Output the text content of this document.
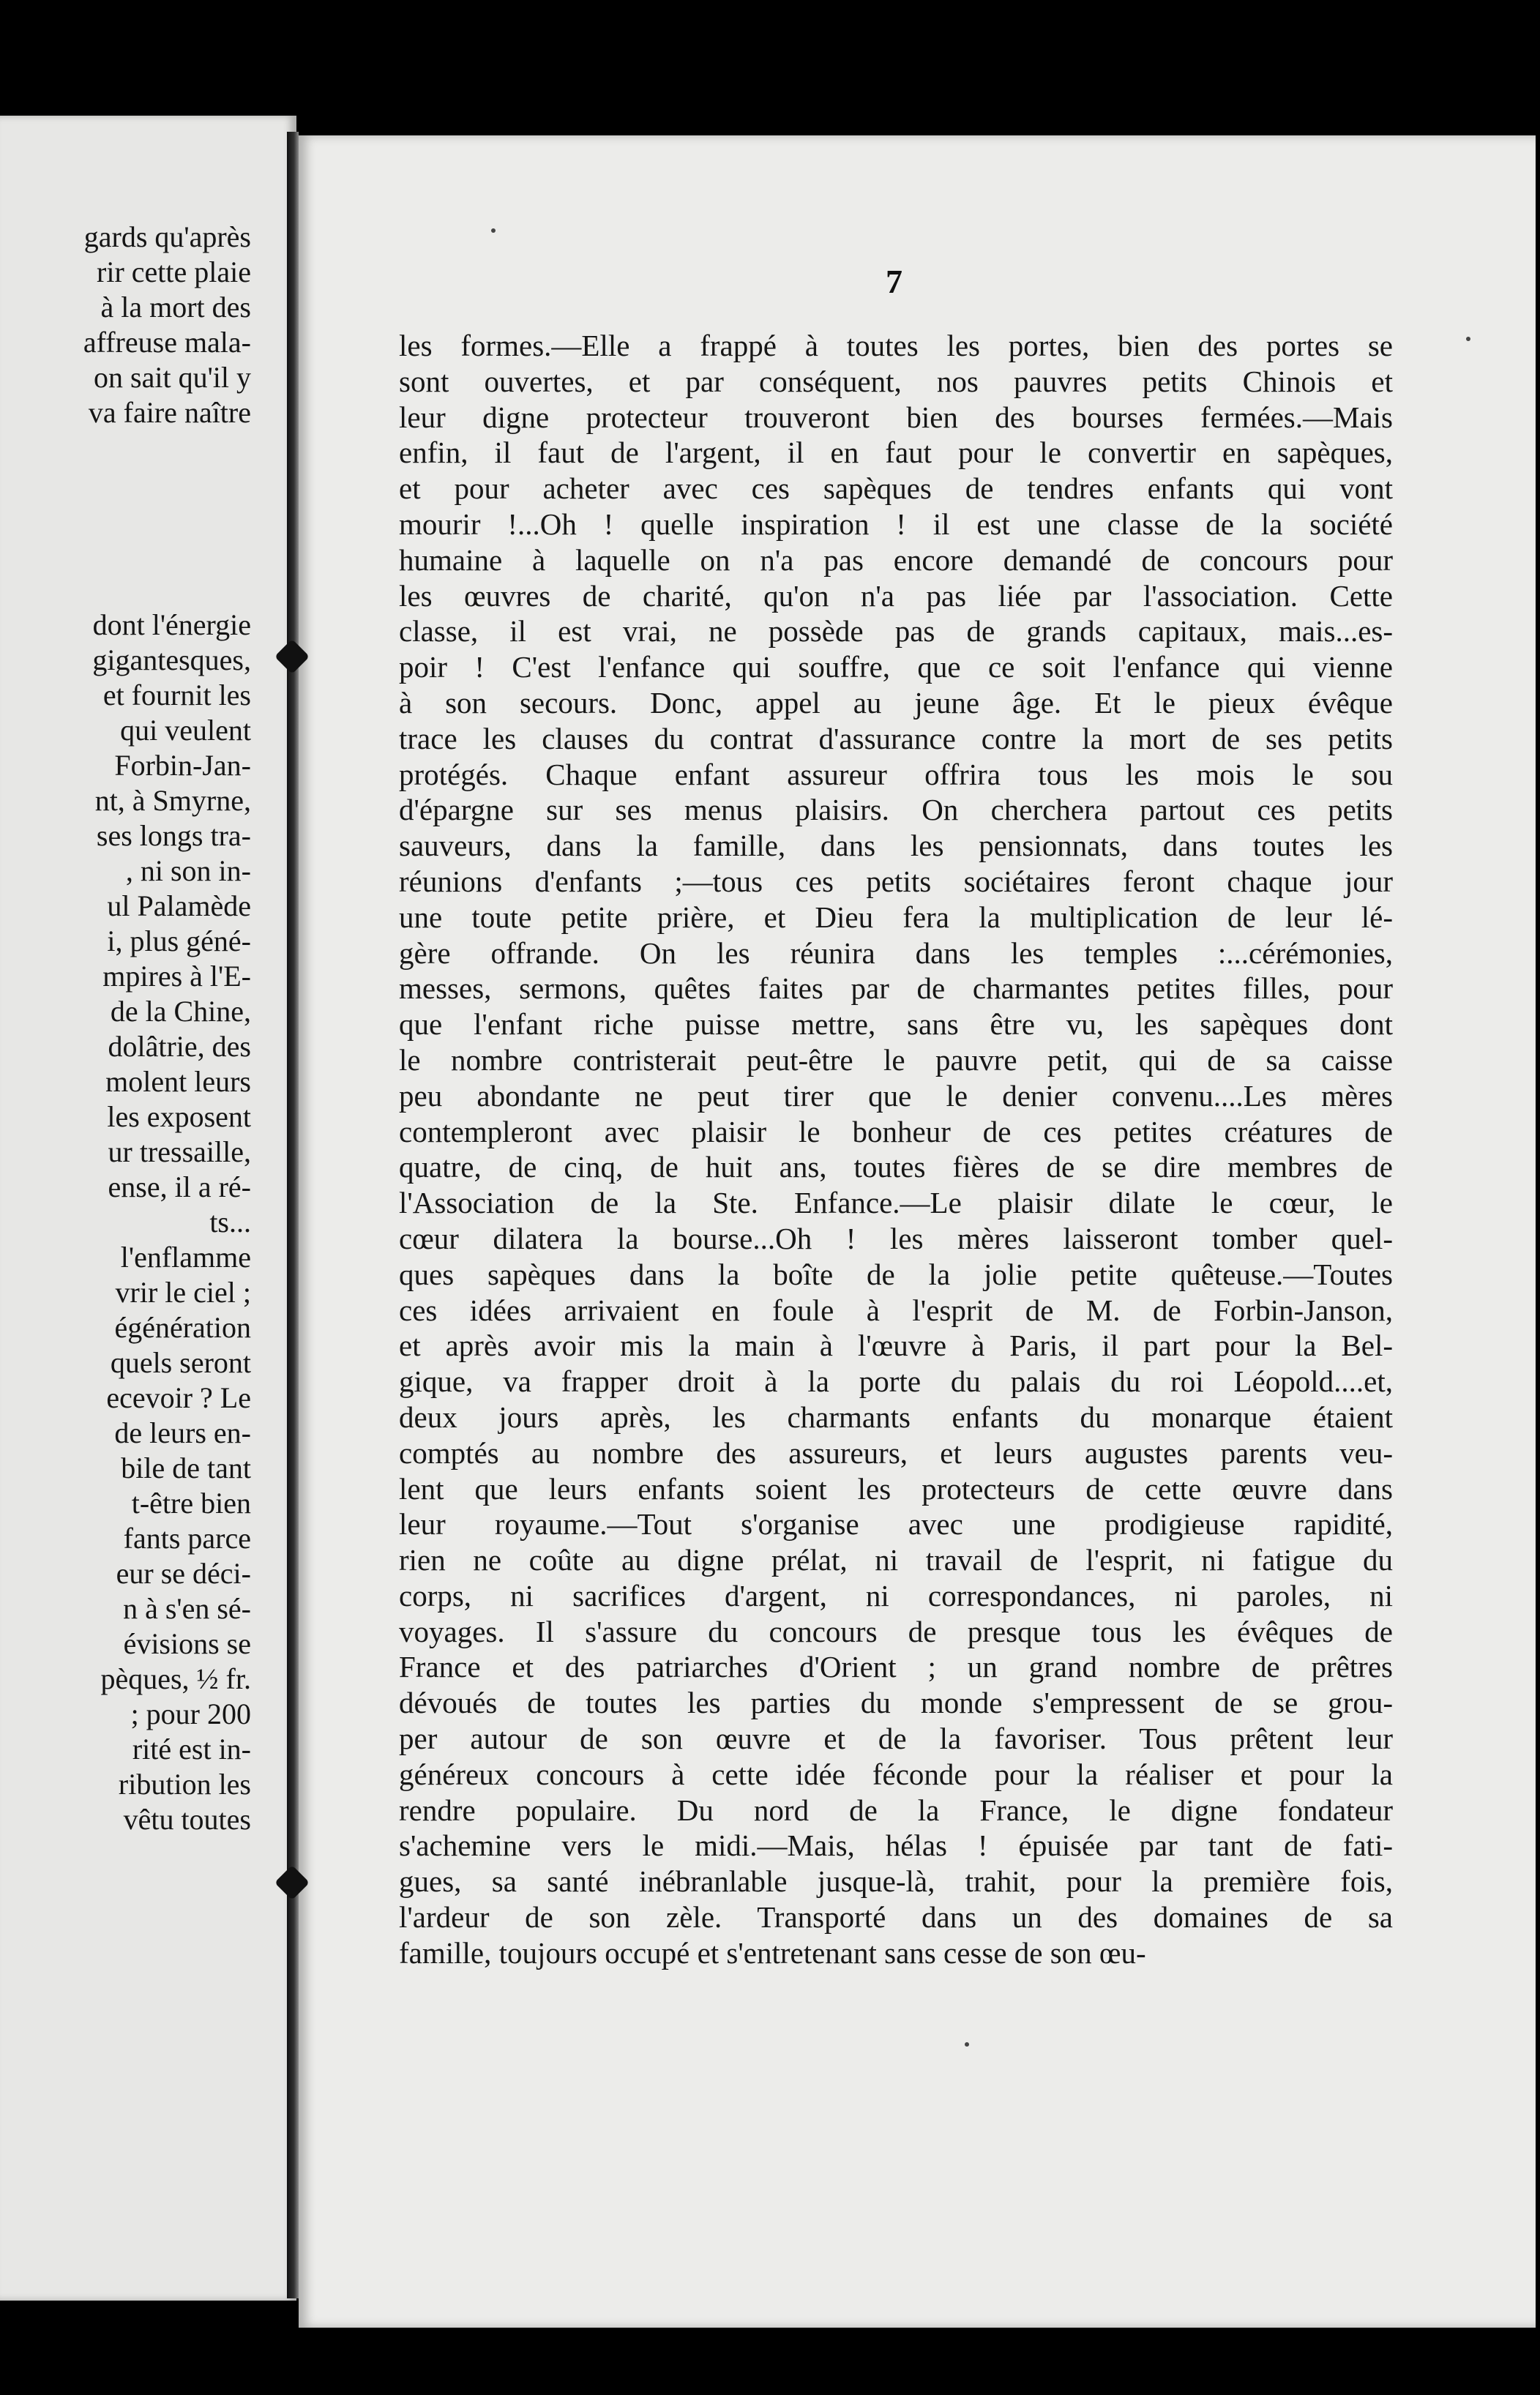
gards qu'après
rir cette plaie
à la mort des
affreuse mala-
on sait qu'il y
va faire naître
dont l'énergie
gigantesques,
et fournit les
qui veulent
Forbin-Jan-
nt, à Smyrne,
ses longs tra-
, ni son in-
ul Palamède
i, plus géné-
mpires à l'E-
de la Chine,
dolâtrie, des
molent leurs
les exposent
ur tressaille,
ense, il a ré-
ts...
l'enflamme
vrir le ciel ;
égénération
quels seront
ecevoir ? Le
de leurs en-
bile de tant
t-être bien
fants parce
eur se déci-
n à s'en sé-
évisions se
pèques, ½ fr.
; pour 200
rité est in-
ribution les
vêtu toutes
7
les formes.—Elle a frappé à toutes les portes, bien des portes se
sont ouvertes, et par conséquent, nos pauvres petits Chinois et
leur digne protecteur trouveront bien des bourses fermées.—Mais
enfin, il faut de l'argent, il en faut pour le convertir en sapèques,
et pour acheter avec ces sapèques de tendres enfants qui vont
mourir !...Oh ! quelle inspiration ! il est une classe de la société
humaine à laquelle on n'a pas encore demandé de concours pour
les œuvres de charité, qu'on n'a pas liée par l'association. Cette
classe, il est vrai, ne possède pas de grands capitaux, mais...es-
poir ! C'est l'enfance qui souffre, que ce soit l'enfance qui vienne
à son secours. Donc, appel au jeune âge. Et le pieux évêque
trace les clauses du contrat d'assurance contre la mort de ses petits
protégés. Chaque enfant assureur offrira tous les mois le sou
d'épargne sur ses menus plaisirs. On cherchera partout ces petits
sauveurs, dans la famille, dans les pensionnats, dans toutes les
réunions d'enfants ;—tous ces petits sociétaires feront chaque jour
une toute petite prière, et Dieu fera la multiplication de leur lé-
gère offrande. On les réunira dans les temples :...cérémonies,
messes, sermons, quêtes faites par de charmantes petites filles, pour
que l'enfant riche puisse mettre, sans être vu, les sapèques dont
le nombre contristerait peut-être le pauvre petit, qui de sa caisse
peu abondante ne peut tirer que le denier convenu....Les mères
contempleront avec plaisir le bonheur de ces petites créatures de
quatre, de cinq, de huit ans, toutes fières de se dire membres de
l'Association de la Ste. Enfance.—Le plaisir dilate le cœur, le
cœur dilatera la bourse...Oh ! les mères laisseront tomber quel-
ques sapèques dans la boîte de la jolie petite quêteuse.—Toutes
ces idées arrivaient en foule à l'esprit de M. de Forbin-Janson,
et après avoir mis la main à l'œuvre à Paris, il part pour la Bel-
gique, va frapper droit à la porte du palais du roi Léopold....et,
deux jours après, les charmants enfants du monarque étaient
comptés au nombre des assureurs, et leurs augustes parents veu-
lent que leurs enfants soient les protecteurs de cette œuvre dans
leur royaume.—Tout s'organise avec une prodigieuse rapidité,
rien ne coûte au digne prélat, ni travail de l'esprit, ni fatigue du
corps, ni sacrifices d'argent, ni correspondances, ni paroles, ni
voyages. Il s'assure du concours de presque tous les évêques de
France et des patriarches d'Orient ; un grand nombre de prêtres
dévoués de toutes les parties du monde s'empressent de se grou-
per autour de son œuvre et de la favoriser. Tous prêtent leur
généreux concours à cette idée féconde pour la réaliser et pour la
rendre populaire. Du nord de la France, le digne fondateur
s'achemine vers le midi.—Mais, hélas ! épuisée par tant de fati-
gues, sa santé inébranlable jusque-là, trahit, pour la première fois,
l'ardeur de son zèle. Transporté dans un des domaines de sa
famille, toujours occupé et s'entretenant sans cesse de son œu-
